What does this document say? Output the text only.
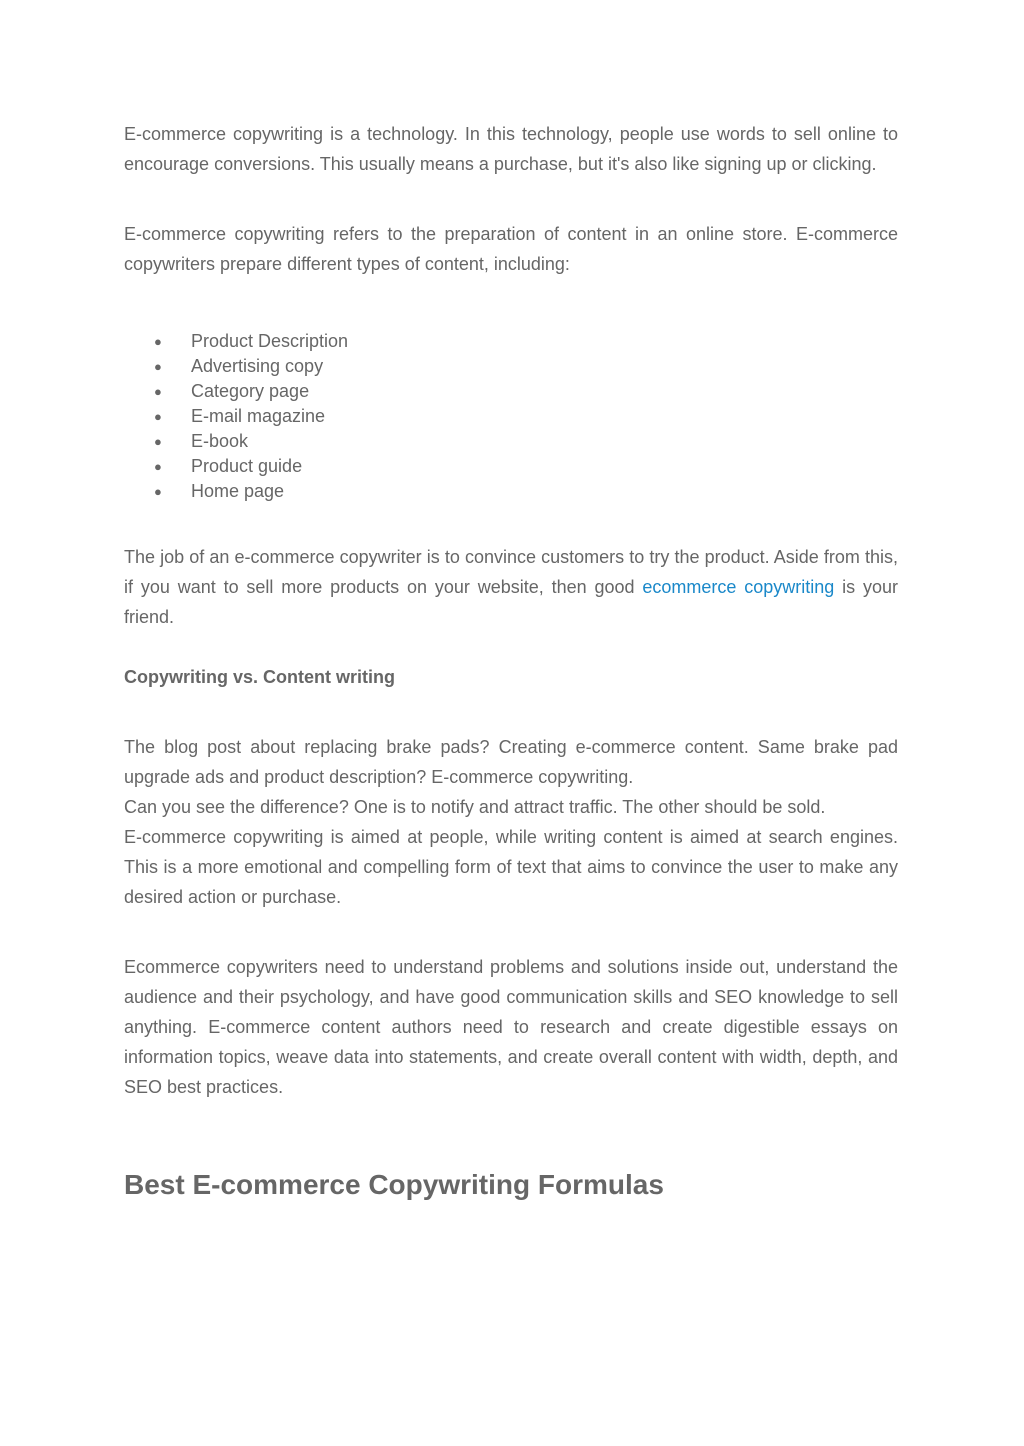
E-commerce copywriting is a technology. In this technology, people use words to sell online to encourage conversions. This usually means a purchase, but it's also like signing up or clicking.

E-commerce copywriting refers to the preparation of content in an online store. E-commerce copywriters prepare different types of content, including:

● Product Description
● Advertising copy
● Category page
● E-mail magazine
● E-book
● Product guide
● Home page

The job of an e-commerce copywriter is to convince customers to try the product. Aside from this, if you want to sell more products on your website, then good ecommerce copywriting is your friend.

Copywriting vs. Content writing

The blog post about replacing brake pads? Creating e-commerce content. Same brake pad upgrade ads and product description? E-commerce copywriting.

Can you see the difference? One is to notify and attract traffic. The other should be sold.

E-commerce copywriting is aimed at people, while writing content is aimed at search engines. This is a more emotional and compelling form of text that aims to convince the user to make any desired action or purchase.

Ecommerce copywriters need to understand problems and solutions inside out, understand the audience and their psychology, and have good communication skills and SEO knowledge to sell anything. E-commerce content authors need to research and create digestible essays on information topics, weave data into statements, and create overall content with width, depth, and SEO best practices.

Best E-commerce Copywriting Formulas
